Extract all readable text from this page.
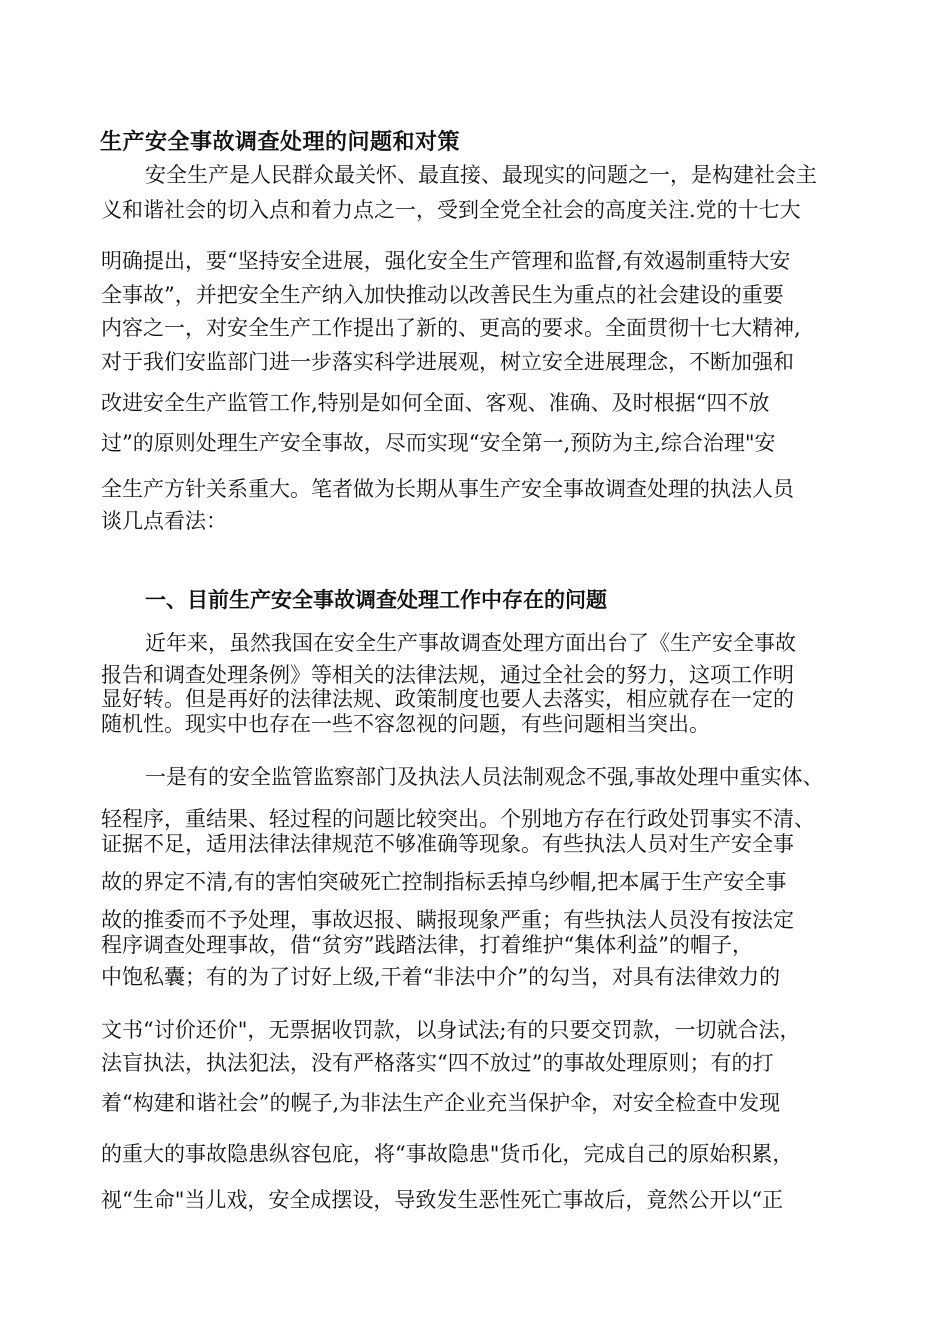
生产安全事故调查处理的问题和对策
安全生产是人民群众最关怀、最直接、最现实的问题之一，是构建社会主
义和谐社会的切入点和着力点之一，受到全党全社会的高度关注.党的十七大
明确提出，要“坚持安全进展，强化安全生产管理和监督,有效遏制重特大安
全事故”，并把安全生产纳入加快推动以改善民生为重点的社会建设的重要
内容之一，对安全生产工作提出了新的、更高的要求。全面贯彻十七大精神,
对于我们安监部门进一步落实科学进展观，树立安全进展理念，不断加强和
改进安全生产监管工作,特别是如何全面、客观、准确、及时根据“四不放
过”的原则处理生产安全事故，尽而实现“安全第一,预防为主,综合治理"安
全生产方针关系重大。笔者做为长期从事生产安全事故调查处理的执法人员
谈几点看法：
一、目前生产安全事故调查处理工作中存在的问题
近年来，虽然我国在安全生产事故调查处理方面出台了《生产安全事故
报告和调查处理条例》等相关的法律法规，通过全社会的努力，这项工作明
显好转。但是再好的法律法规、政策制度也要人去落实，相应就存在一定的
随机性。现实中也存在一些不容忽视的问题，有些问题相当突出。
一是有的安全监管监察部门及执法人员法制观念不强,事故处理中重实体、
轻程序，重结果、轻过程的问题比较突出。个别地方存在行政处罚事实不清、
证据不足，适用法律法律规范不够准确等现象。有些执法人员对生产安全事
故的界定不清,有的害怕突破死亡控制指标丢掉乌纱帽,把本属于生产安全事
故的推委而不予处理，事故迟报、瞒报现象严重；有些执法人员没有按法定
程序调查处理事故，借“贫穷”践踏法律，打着维护“集体利益”的帽子，
中饱私囊；有的为了讨好上级,干着“非法中介”的勾当，对具有法律效力的
文书“讨价还价"，无票据收罚款，以身试法;有的只要交罚款，一切就合法，
法盲执法，执法犯法，没有严格落实“四不放过”的事故处理原则；有的打
着“构建和谐社会”的幌子,为非法生产企业充当保护伞，对安全检查中发现
的重大的事故隐患纵容包庇，将“事故隐患"货币化，完成自己的原始积累，
视“生命"当儿戏，安全成摆设，导致发生恶性死亡事故后，竟然公开以“正
